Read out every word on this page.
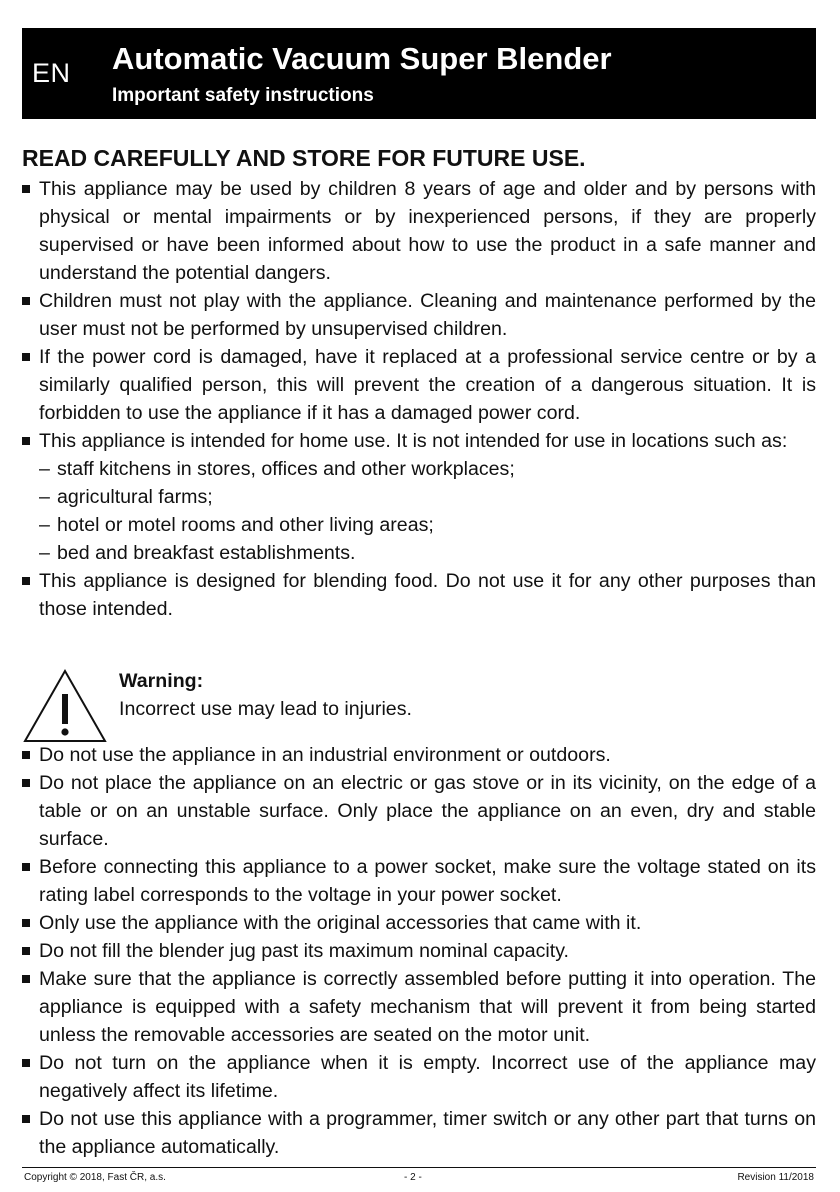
EN Automatic Vacuum Super Blender
Important safety instructions
READ CAREFULLY AND STORE FOR FUTURE USE.
This appliance may be used by children 8 years of age and older and by persons with physical or mental impairments or by inexperienced persons, if they are properly supervised or have been informed about how to use the product in a safe manner and understand the potential dangers.
Children must not play with the appliance. Cleaning and maintenance performed by the user must not be performed by unsupervised children.
If the power cord is damaged, have it replaced at a professional service centre or by a similarly qualified person, this will prevent the creation of a dangerous situation. It is forbidden to use the appliance if it has a damaged power cord.
This appliance is intended for home use. It is not intended for use in locations such as:
– staff kitchens in stores, offices and other workplaces;
– agricultural farms;
– hotel or motel rooms and other living areas;
– bed and breakfast establishments.
This appliance is designed for blending food. Do not use it for any other purposes than those intended.
Warning:
Incorrect use may lead to injuries.
Do not use the appliance in an industrial environment or outdoors.
Do not place the appliance on an electric or gas stove or in its vicinity, on the edge of a table or on an unstable surface. Only place the appliance on an even, dry and stable surface.
Before connecting this appliance to a power socket, make sure the voltage stated on its rating label corresponds to the voltage in your power socket.
Only use the appliance with the original accessories that came with it.
Do not fill the blender jug past its maximum nominal capacity.
Make sure that the appliance is correctly assembled before putting it into operation. The appliance is equipped with a safety mechanism that will prevent it from being started unless the removable accessories are seated on the motor unit.
Do not turn on the appliance when it is empty. Incorrect use of the appliance may negatively affect its lifetime.
Do not use this appliance with a programmer, timer switch or any other part that turns on the appliance automatically.
Copyright © 2018, Fast ČR, a.s.	- 2 -	Revision 11/2018
